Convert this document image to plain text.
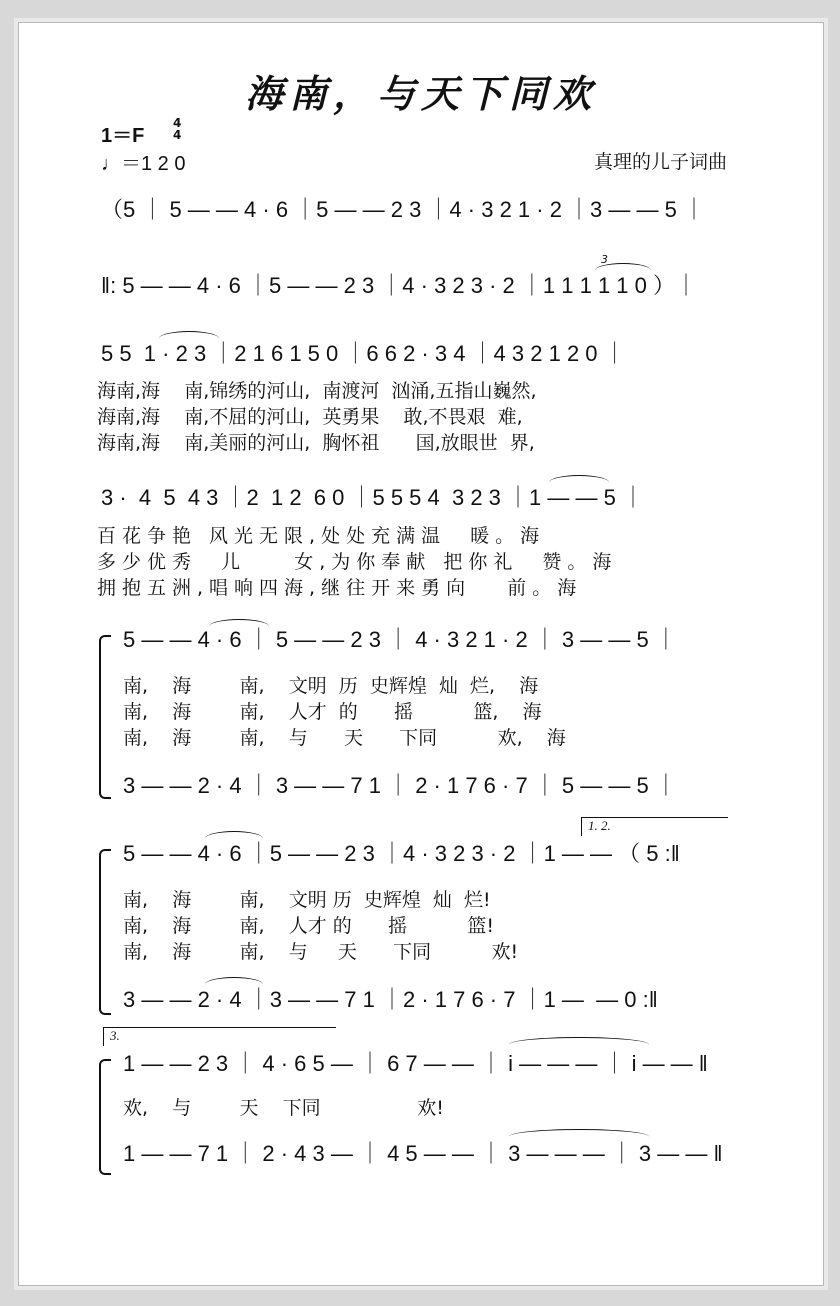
海南，与天下同欢
1＝F
4
4
♩＝1 2 0	真理的儿子词曲
（5 ｜ 5 — — 4 · 6 ｜5 — — 2 3 ｜4 · 3 2 1 · 2 ｜3 — — 5 ｜
‖: 5 — — 4 · 6 ｜5 — — 2 3 ｜4 · 3 2 3 · 2 ｜1 1 1 1 1 0 ）｜
3
5 5  1 · 2 3 ｜2 1 6 1 5 0 ｜6 6 2 · 3 4 ｜4 3 2 1 2 0 ｜
海南,海    南,锦绣的河山,  南渡河  汹涌,五指山巍然,
海南,海    南,不屈的河山,  英勇果    敢,不畏艰  难,
海南,海    南,美丽的河山,  胸怀祖      国,放眼世  界,
3 ·  4  5  4 3 ｜2  1 2  6 0 ｜5 5 5 4  3 2 3 ｜1 — — 5 ｜
百花争艳 风光无限,处处充满温  暖。海
多少优秀  儿    女,为你奉献 把你礼  赞。海
拥抱五洲,唱响四海,继往开来勇向   前。海
5 — — 4 · 6 ｜ 5 — — 2 3 ｜ 4 · 3 2 1 · 2 ｜ 3 — — 5 ｜
南,    海        南,    文明  历  史辉煌  灿  烂,    海
南,    海        南,    人才  的      摇          篮,    海
南,    海        南,    与      天      下同          欢,    海
3 — — 2 · 4 ｜ 3 — — 7 1 ｜ 2 · 1 7 6 · 7 ｜ 5 — — 5 ｜
1. 2.
5 — — 4 · 6 ｜5 — — 2 3 ｜4 · 3 2 3 · 2 ｜1 — — （ 5 :‖
南,    海        南,    文明 历  史辉煌  灿  烂!
南,    海        南,    人才 的      摇          篮!
南,    海        南,    与     天      下同          欢!
3 — — 2 · 4 ｜3 — — 7 1 ｜2 · 1 7 6 · 7 ｜1 —  — 0 :‖
3.
1 — — 2 3 ｜ 4 · 6 5 — ｜ 6 7 — — ｜ i — — — ｜ i — — ‖
欢,    与        天    下同                欢!
1 — — 7 1 ｜ 2 · 4 3 — ｜ 4 5 — — ｜ 3 — — — ｜ 3 — — ‖
